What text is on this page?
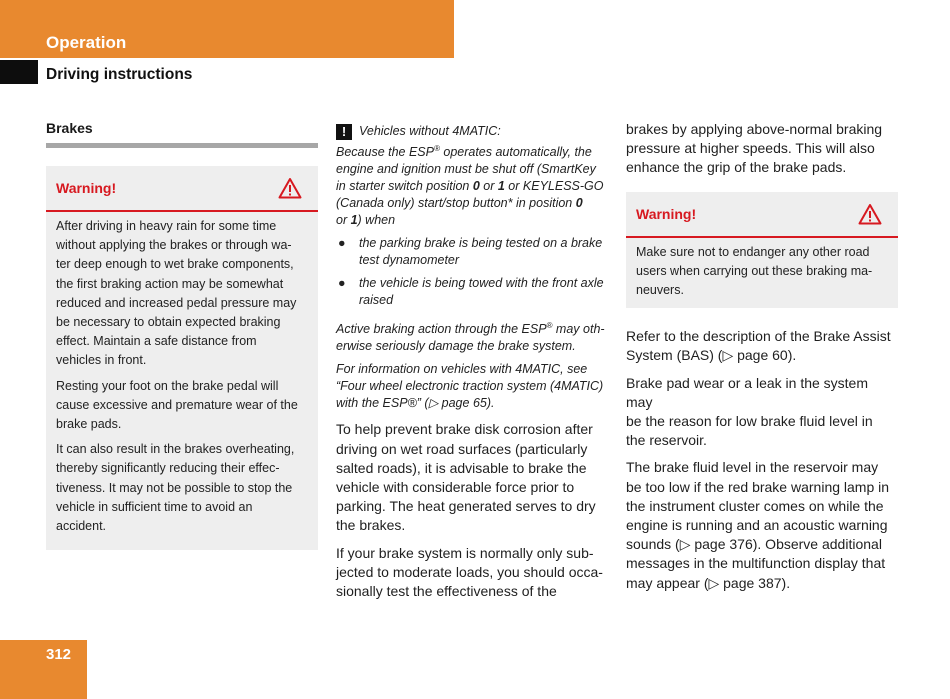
Operation
Driving instructions
Brakes
Warning!

After driving in heavy rain for some time
without applying the brakes or through wa-
ter deep enough to wet brake components,
the first braking action may be somewhat
reduced and increased pedal pressure may
be necessary to obtain expected braking
effect. Maintain a safe distance from
vehicles in front.

Resting your foot on the brake pedal will
cause excessive and premature wear of the
brake pads.

It can also result in the brakes overheating,
thereby significantly reducing their effec-
tiveness. It may not be possible to stop the
vehicle in sufficient time to avoid an
accident.

! Vehicles without 4MATIC:
Because the ESP® operates automatically, the
engine and ignition must be shut off (SmartKey
in starter switch position 0 or 1 or KEYLESS-GO
(Canada only) start/stop button* in position 0
or 1) when

● the parking brake is being tested on a brake
test dynamometer
● the vehicle is being towed with the front axle
raised

Active braking action through the ESP® may oth-
erwise seriously damage the brake system.

For information on vehicles with 4MATIC, see
“Four wheel electronic traction system (4MATIC)
with the ESP®” (▷ page 65).

To help prevent brake disk corrosion after
driving on wet road surfaces (particularly
salted roads), it is advisable to brake the
vehicle with considerable force prior to
parking. The heat generated serves to dry
the brakes.

If your brake system is normally only sub-
jected to moderate loads, you should occa-
sionally test the effectiveness of the

brakes by applying above-normal braking
pressure at higher speeds. This will also
enhance the grip of the brake pads.

Warning!

Make sure not to endanger any other road
users when carrying out these braking ma-
neuvers.

Refer to the description of the Brake Assist
System (BAS) (▷ page 60).

Brake pad wear or a leak in the system may
be the reason for low brake fluid level in
the reservoir.

The brake fluid level in the reservoir may
be too low if the red brake warning lamp in
the instrument cluster comes on while the
engine is running and an acoustic warning
sounds (▷ page 376). Observe additional
messages in the multifunction display that
may appear (▷ page 387).

312
